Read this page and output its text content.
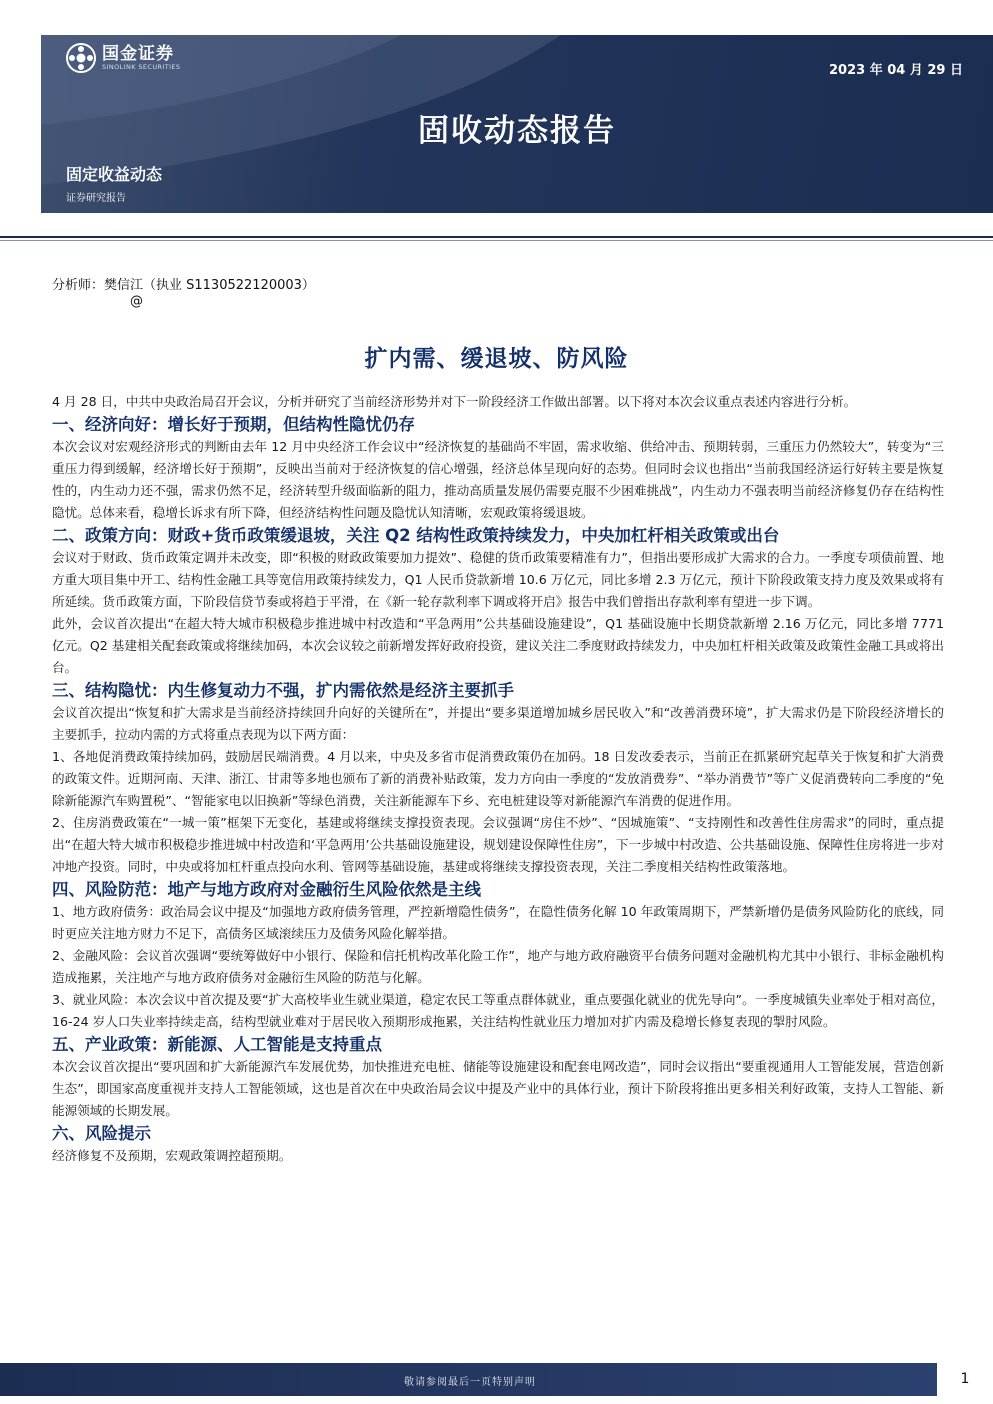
国金证券
SINOLINK SECURITIES	2023 年 04 月 29 日
固收动态报告
固定收益动态
证券研究报告
分析师：樊信江（执业 S1130522120003）
@
扩内需、缓退坡、防风险

4 月 28 日，中共中央政治局召开会议，分析并研究了当前经济形势并对下一阶段经济工作做出部署。以下将对本次会议重点表述内容进行分析。

一、经济向好：增长好于预期，但结构性隐忧仍存

本次会议对宏观经济形式的判断由去年 12 月中央经济工作会议中“经济恢复的基础尚不牢固，需求收缩、供给冲击、预期转弱，三重压力仍然较大”，转变为“三重压力得到缓解，经济增长好于预期”，反映出当前对于经济恢复的信心增强，经济总体呈现向好的态势。但同时会议也指出“当前我国经济运行好转主要是恢复性的，内生动力还不强，需求仍然不足，经济转型升级面临新的阻力，推动高质量发展仍需要克服不少困难挑战”，内生动力不强表明当前经济修复仍存在结构性隐忧。总体来看，稳增长诉求有所下降，但经济结构性问题及隐忧认知清晰，宏观政策将缓退坡。

二、政策方向：财政+货币政策缓退坡，关注 Q2 结构性政策持续发力，中央加杠杆相关政策或出台

会议对于财政、货币政策定调并未改变，即“积极的财政政策要加力提效”、稳健的货币政策要精准有力”，但指出要形成扩大需求的合力。一季度专项债前置、地方重大项目集中开工、结构性金融工具等宽信用政策持续发力，Q1 人民币贷款新增 10.6 万亿元，同比多增 2.3 万亿元，预计下阶段政策支持力度及效果或将有所延续。货币政策方面，下阶段信贷节奏或将趋于平滑，在《新一轮存款利率下调或将开启》报告中我们曾指出存款利率有望进一步下调。

此外，会议首次提出“在超大特大城市积极稳步推进城中村改造和“平急两用”公共基础设施建设”，Q1 基础设施中长期贷款新增 2.16 万亿元，同比多增 7771 亿元。Q2 基建相关配套政策或将继续加码，本次会议较之前新增发挥好政府投资，建议关注二季度财政持续发力，中央加杠杆相关政策及政策性金融工具或将出台。

三、结构隐忧：内生修复动力不强，扩内需依然是经济主要抓手

会议首次提出“恢复和扩大需求是当前经济持续回升向好的关键所在”，并提出“要多渠道增加城乡居民收入”和“改善消费环境”，扩大需求仍是下阶段经济增长的主要抓手，拉动内需的方式将重点表现为以下两方面：

1、各地促消费政策持续加码，鼓励居民端消费。4 月以来，中央及多省市促消费政策仍在加码。18 日发改委表示，当前正在抓紧研究起草关于恢复和扩大消费的政策文件。近期河南、天津、浙江、甘肃等多地也颁布了新的消费补贴政策，发力方向由一季度的“发放消费券”、“举办消费节”等广义促消费转向二季度的“免除新能源汽车购置税”、“智能家电以旧换新”等绿色消费，关注新能源车下乡、充电桩建设等对新能源汽车消费的促进作用。

2、住房消费政策在“一城一策”框架下无变化，基建或将继续支撑投资表现。会议强调“房住不炒”、“因城施策”、“支持刚性和改善性住房需求”的同时，重点提出“在超大特大城市积极稳步推进城中村改造和‘平急两用’公共基础设施建设，规划建设保障性住房”，下一步城中村改造、公共基础设施、保障性住房将进一步对冲地产投资。同时，中央或将加杠杆重点投向水利、管网等基础设施，基建或将继续支撑投资表现，关注二季度相关结构性政策落地。

四、风险防范：地产与地方政府对金融衍生风险依然是主线

1、地方政府债务：政治局会议中提及“加强地方政府债务管理，严控新增隐性债务”，在隐性债务化解 10 年政策周期下，严禁新增仍是债务风险防化的底线，同时更应关注地方财力不足下，高债务区域滚续压力及债务风险化解举措。

2、金融风险：会议首次强调“要统筹做好中小银行、保险和信托机构改革化险工作”，地产与地方政府融资平台债务问题对金融机构尤其中小银行、非标金融机构造成拖累，关注地产与地方政府债务对金融衍生风险的防范与化解。

3、就业风险：本次会议中首次提及要“扩大高校毕业生就业渠道，稳定农民工等重点群体就业，重点要强化就业的优先导向”。一季度城镇失业率处于相对高位，16-24 岁人口失业率持续走高，结构型就业难对于居民收入预期形成拖累，关注结构性就业压力增加对扩内需及稳增长修复表现的掣肘风险。

五、产业政策：新能源、人工智能是支持重点

本次会议首次提出“要巩固和扩大新能源汽车发展优势，加快推进充电桩、储能等设施建设和配套电网改造”，同时会议指出“要重视通用人工智能发展，营造创新生态”，即国家高度重视并支持人工智能领域，这也是首次在中央政治局会议中提及产业中的具体行业，预计下阶段将推出更多相关利好政策，支持人工智能、新能源领域的长期发展。

六、风险提示

经济修复不及预期，宏观政策调控超预期。

敬请参阅最后一页特别声明	1
